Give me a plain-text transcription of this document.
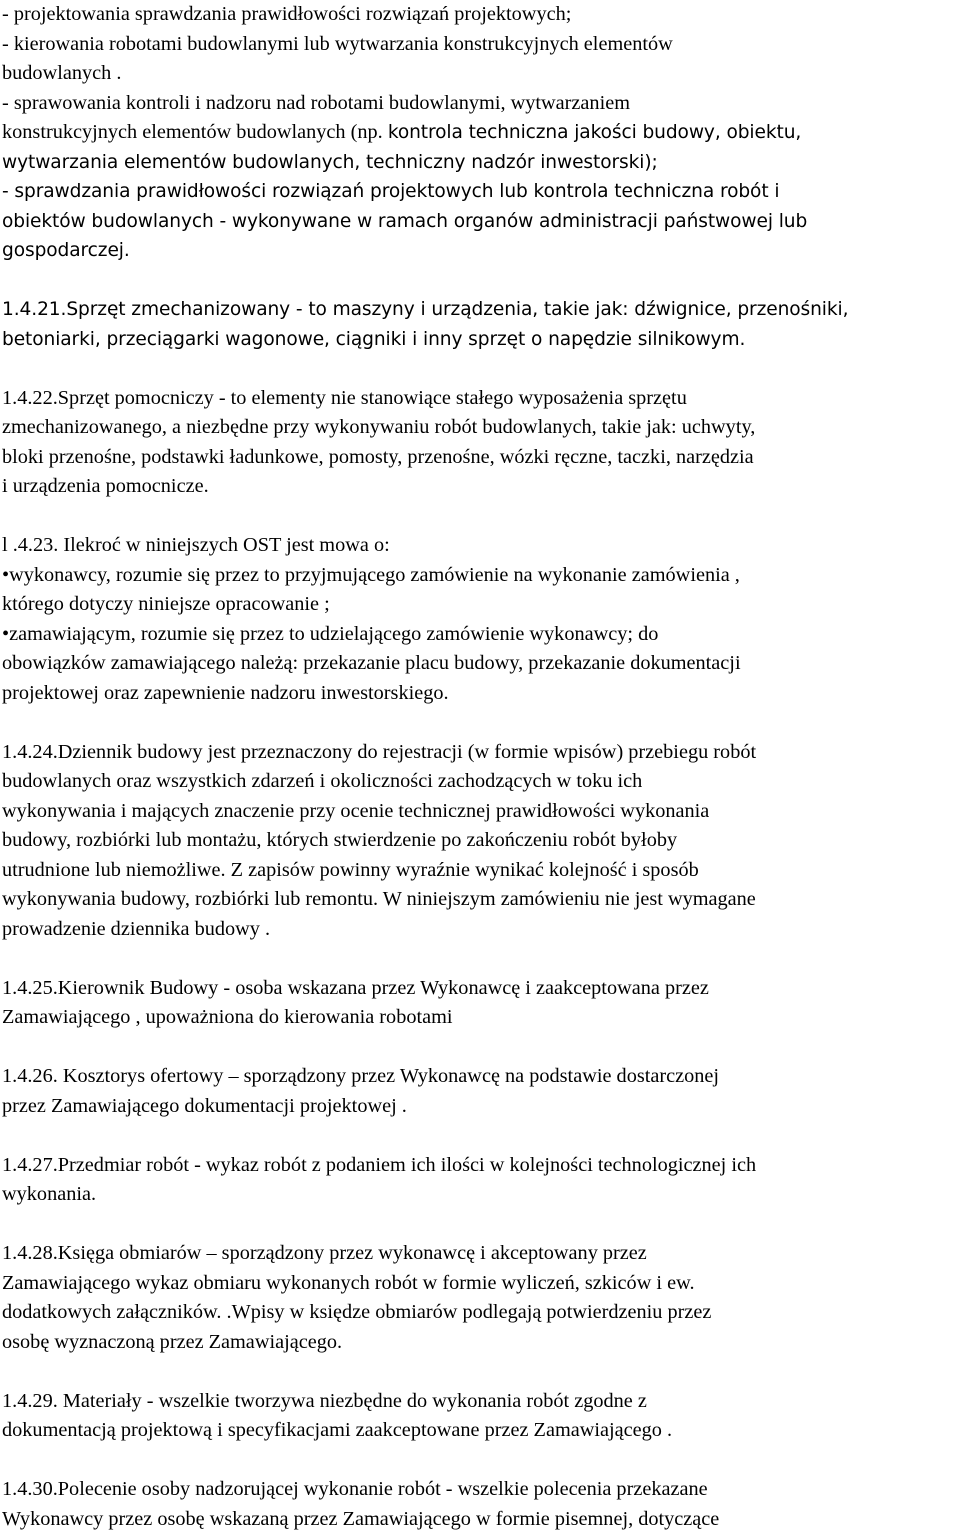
- projektowania sprawdzania prawidłowości rozwiązań projektowych;

- kierowania robotami budowlanymi lub wytwarzania konstrukcyjnych elementów

budowlanych .

- sprawowania kontroli i nadzoru nad robotami budowlanymi, wytwarzaniem

konstrukcyjnych elementów budowlanych (np. kontrola techniczna jakości budowy, obiektu,

wytwarzania elementów budowlanych, techniczny nadzór inwestorski);

- sprawdzania prawidłowości rozwiązań projektowych lub kontrola techniczna robót i

obiektów budowlanych - wykonywane w ramach organów administracji państwowej lub

gospodarczej.

1.4.21.Sprzęt zmechanizowany - to maszyny i urządzenia, takie jak: dźwignice, przenośniki,

betoniarki, przeciągarki wagonowe, ciągniki i inny sprzęt o napędzie silnikowym.

1.4.22.Sprzęt pomocniczy - to elementy nie stanowiące stałego wyposażenia sprzętu

zmechanizowanego, a niezbędne przy wykonywaniu robót budowlanych, takie jak: uchwyty,

bloki przenośne, podstawki ładunkowe, pomosty, przenośne, wózki ręczne, taczki, narzędzia

i urządzenia pomocnicze.

l .4.23. Ilekroć w niniejszych OST jest mowa o:

•wykonawcy, rozumie się przez to przyjmującego zamówienie na wykonanie zamówienia ,

którego dotyczy niniejsze opracowanie ;

•zamawiającym, rozumie się przez to udzielającego zamówienie wykonawcy; do

obowiązków zamawiającego należą: przekazanie placu budowy, przekazanie dokumentacji

projektowej oraz zapewnienie nadzoru inwestorskiego.

1.4.24.Dziennik budowy jest przeznaczony do rejestracji (w formie wpisów) przebiegu robót

budowlanych oraz wszystkich zdarzeń i okoliczności zachodzących w toku ich

wykonywania i mających znaczenie przy ocenie technicznej prawidłowości wykonania

budowy, rozbiórki lub montażu, których stwierdzenie po zakończeniu robót byłoby

utrudnione lub niemożliwe. Z zapisów powinny wyraźnie wynikać kolejność i sposób

wykonywania budowy, rozbiórki lub remontu. W niniejszym zamówieniu nie jest wymagane

prowadzenie dziennika budowy .

1.4.25.Kierownik Budowy - osoba wskazana przez Wykonawcę i zaakceptowana przez

Zamawiającego , upoważniona do kierowania robotami

1.4.26. Kosztorys ofertowy – sporządzony przez Wykonawcę na podstawie dostarczonej

przez Zamawiającego dokumentacji projektowej .

1.4.27.Przedmiar robót - wykaz robót z podaniem ich ilości w kolejności technologicznej ich

wykonania.

1.4.28.Księga obmiarów – sporządzony przez wykonawcę i akceptowany przez

Zamawiającego wykaz obmiaru wykonanych robót w formie wyliczeń, szkiców i ew.

dodatkowych załączników. .Wpisy w księdze obmiarów podlegają potwierdzeniu przez

osobę wyznaczoną przez Zamawiającego.

1.4.29. Materiały - wszelkie tworzywa niezbędne do wykonania robót zgodne z

dokumentacją projektową i specyfikacjami zaakceptowane przez Zamawiającego .

1.4.30.Polecenie osoby nadzorującej wykonanie robót - wszelkie polecenia przekazane

Wykonawcy przez osobę wskazaną przez Zamawiającego w formie pisemnej, dotyczące
